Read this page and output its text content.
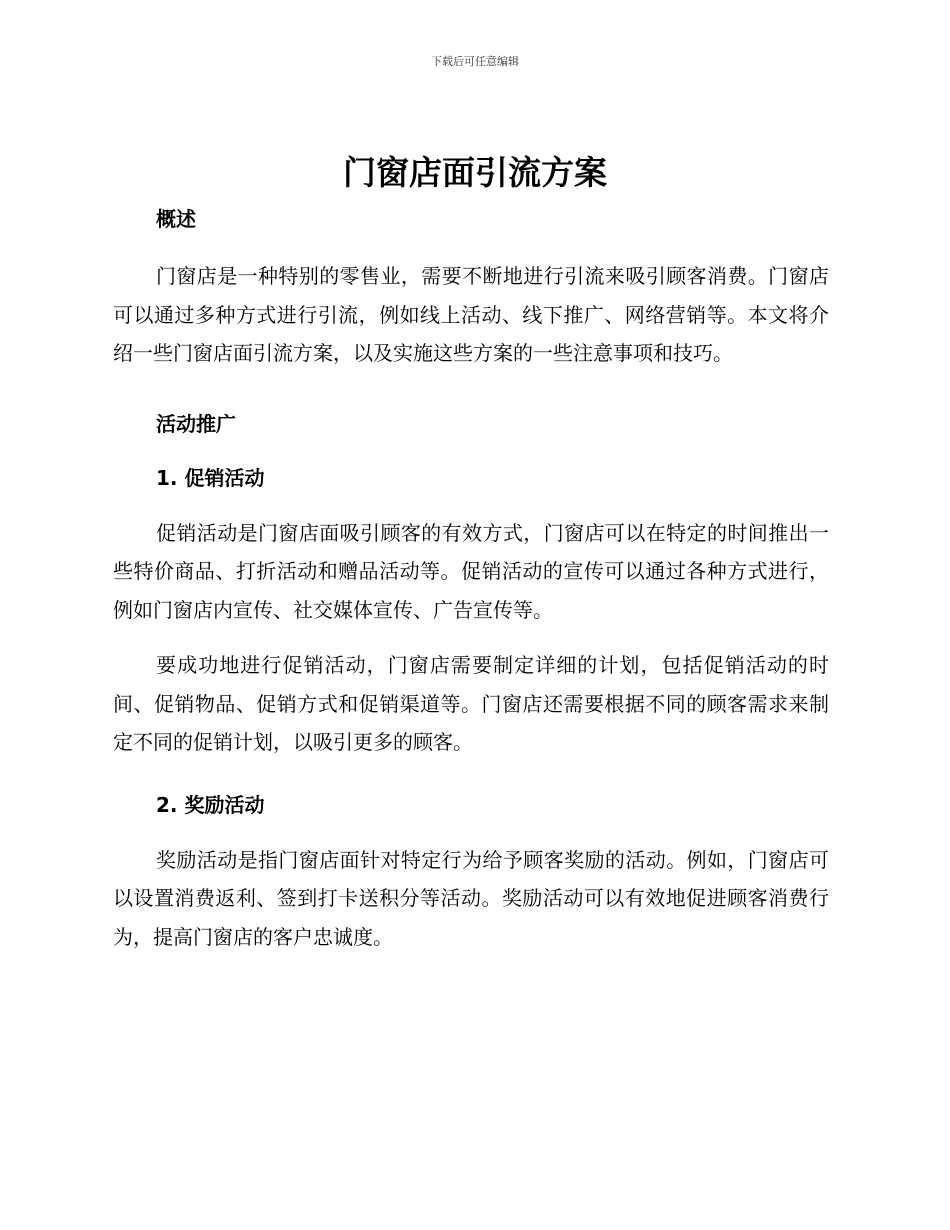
下载后可任意编辑
门窗店面引流方案
概述

门窗店是一种特别的零售业，需要不断地进行引流来吸引顾客消费。门窗店可以通过多种方式进行引流，例如线上活动、线下推广、网络营销等。本文将介绍一些门窗店面引流方案，以及实施这些方案的一些注意事项和技巧。

活动推广
1. 促销活动

促销活动是门窗店面吸引顾客的有效方式，门窗店可以在特定的时间推出一些特价商品、打折活动和赠品活动等。促销活动的宣传可以通过各种方式进行，例如门窗店内宣传、社交媒体宣传、广告宣传等。

要成功地进行促销活动，门窗店需要制定详细的计划，包括促销活动的时间、促销物品、促销方式和促销渠道等。门窗店还需要根据不同的顾客需求来制定不同的促销计划，以吸引更多的顾客。

2. 奖励活动

奖励活动是指门窗店面针对特定行为给予顾客奖励的活动。例如，门窗店可以设置消费返利、签到打卡送积分等活动。奖励活动可以有效地促进顾客消费行为，提高门窗店的客户忠诚度。
